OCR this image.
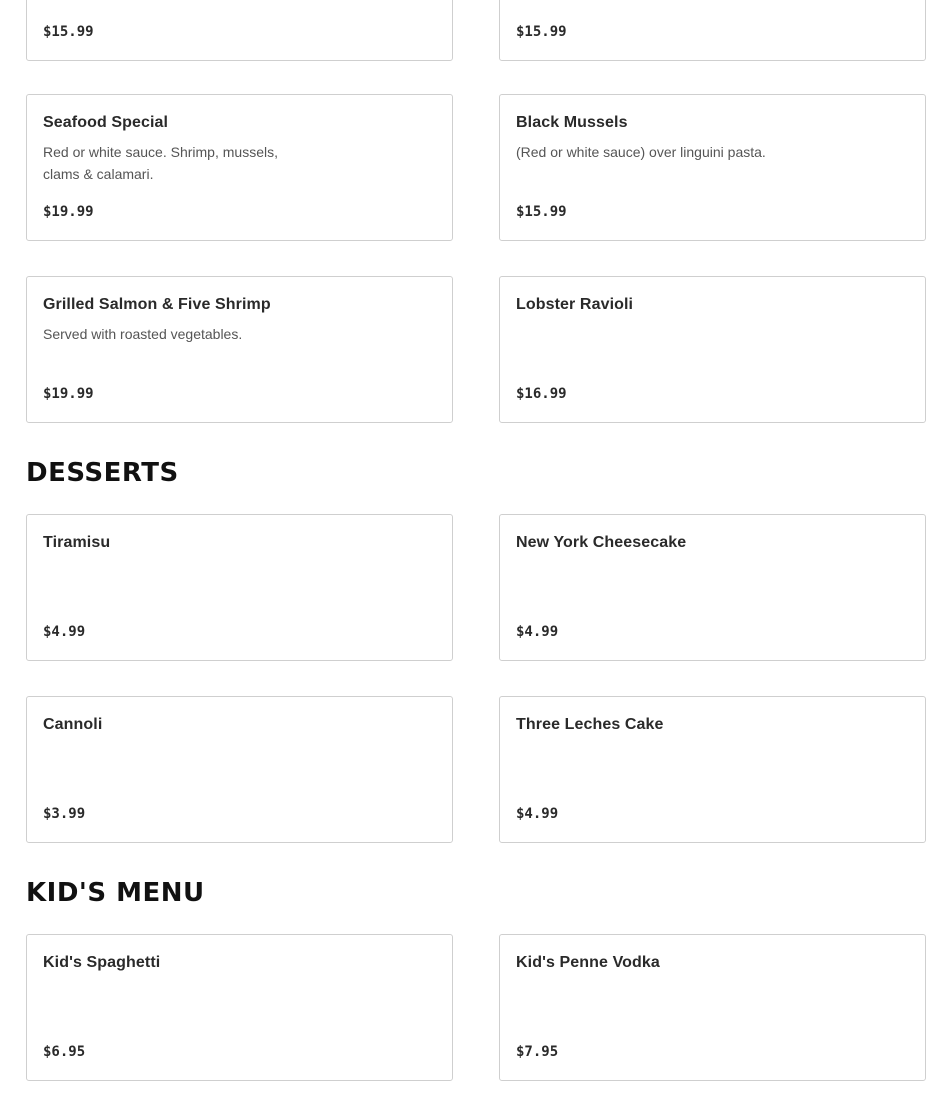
$15.99	$15.99
Seafood Special
Red or white sauce. Shrimp, mussels, clams & calamari.
$19.99
Black Mussels
(Red or white sauce) over linguini pasta.
$15.99
Grilled Salmon & Five Shrimp
Served with roasted vegetables.
$19.99
Lobster Ravioli
$16.99
DESSERTS
Tiramisu
$4.99
New York Cheesecake
$4.99
Cannoli
$3.99
Three Leches Cake
$4.99
KID'S MENU
Kid's Spaghetti
$6.95
Kid's Penne Vodka
$7.95
